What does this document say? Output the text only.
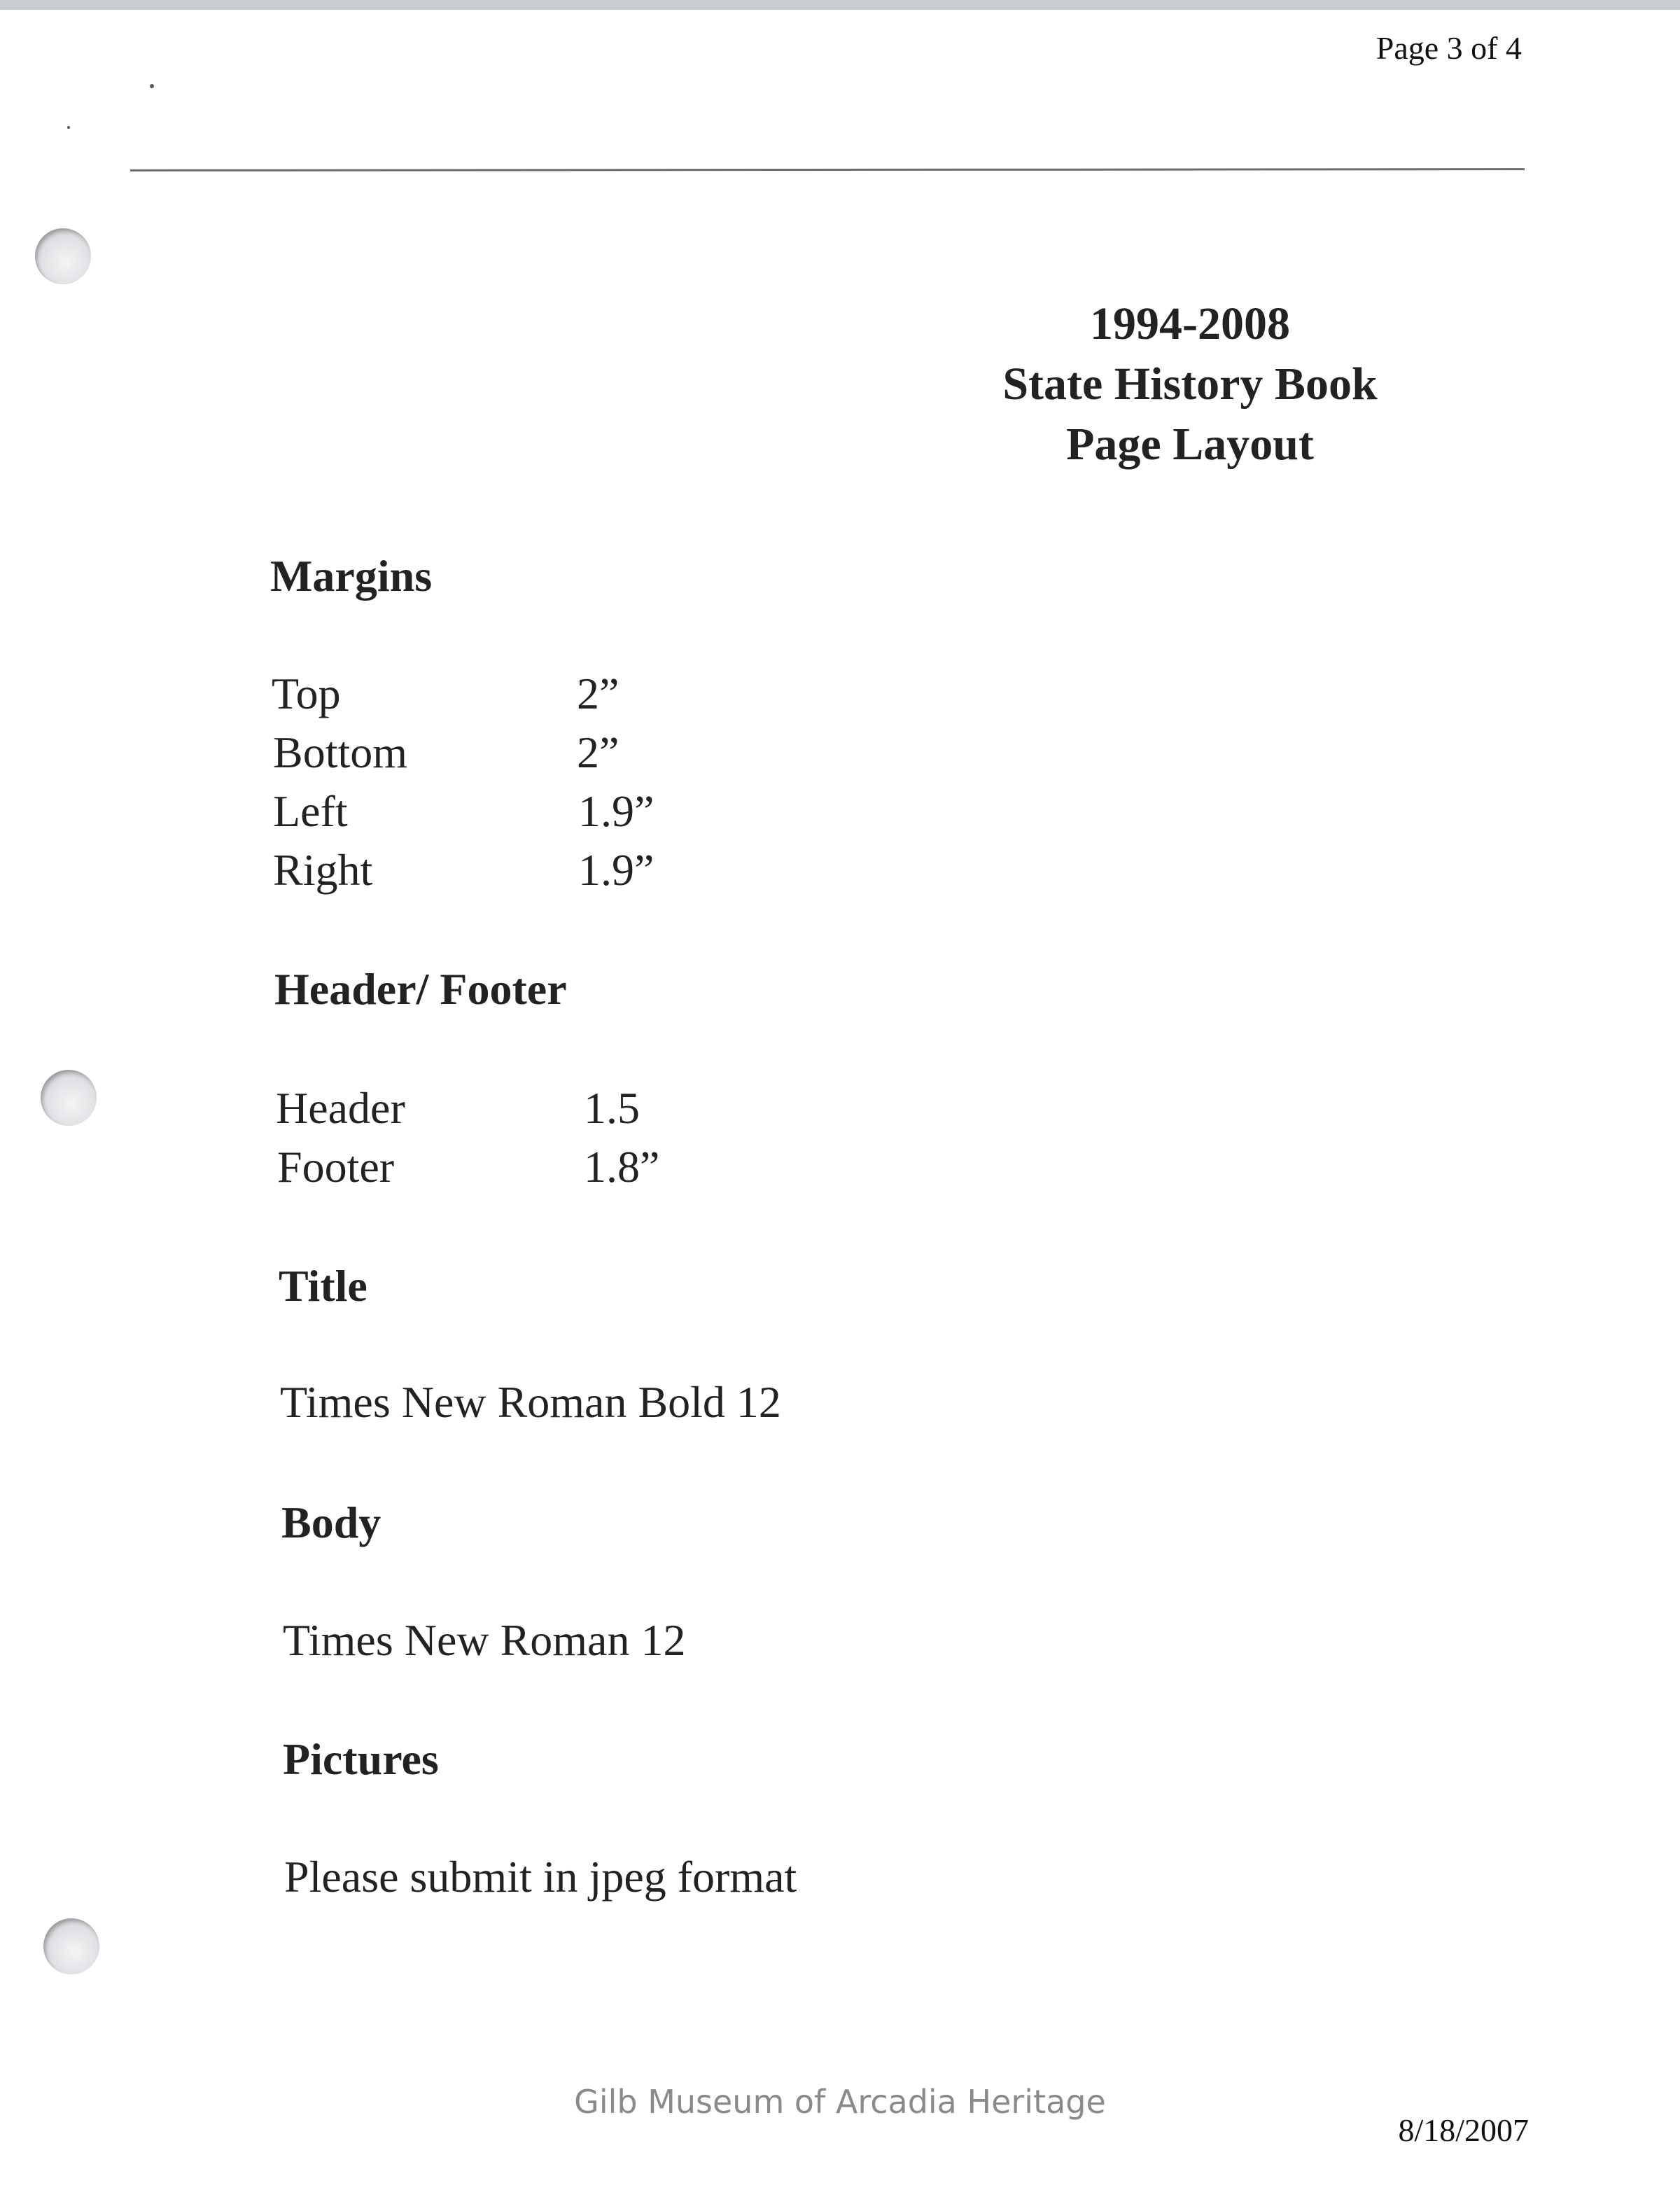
Page 3 of 4
1994-2008
State History Book
Page Layout
Margins
Top	2”
Bottom	2”
Left	1.9”
Right	1.9”
Header/ Footer
Header	1.5
Footer	1.8”
Title
Times New Roman Bold 12
Body
Times New Roman 12
Pictures
Please submit in jpeg format
Gilb Museum of Arcadia Heritage
8/18/2007
